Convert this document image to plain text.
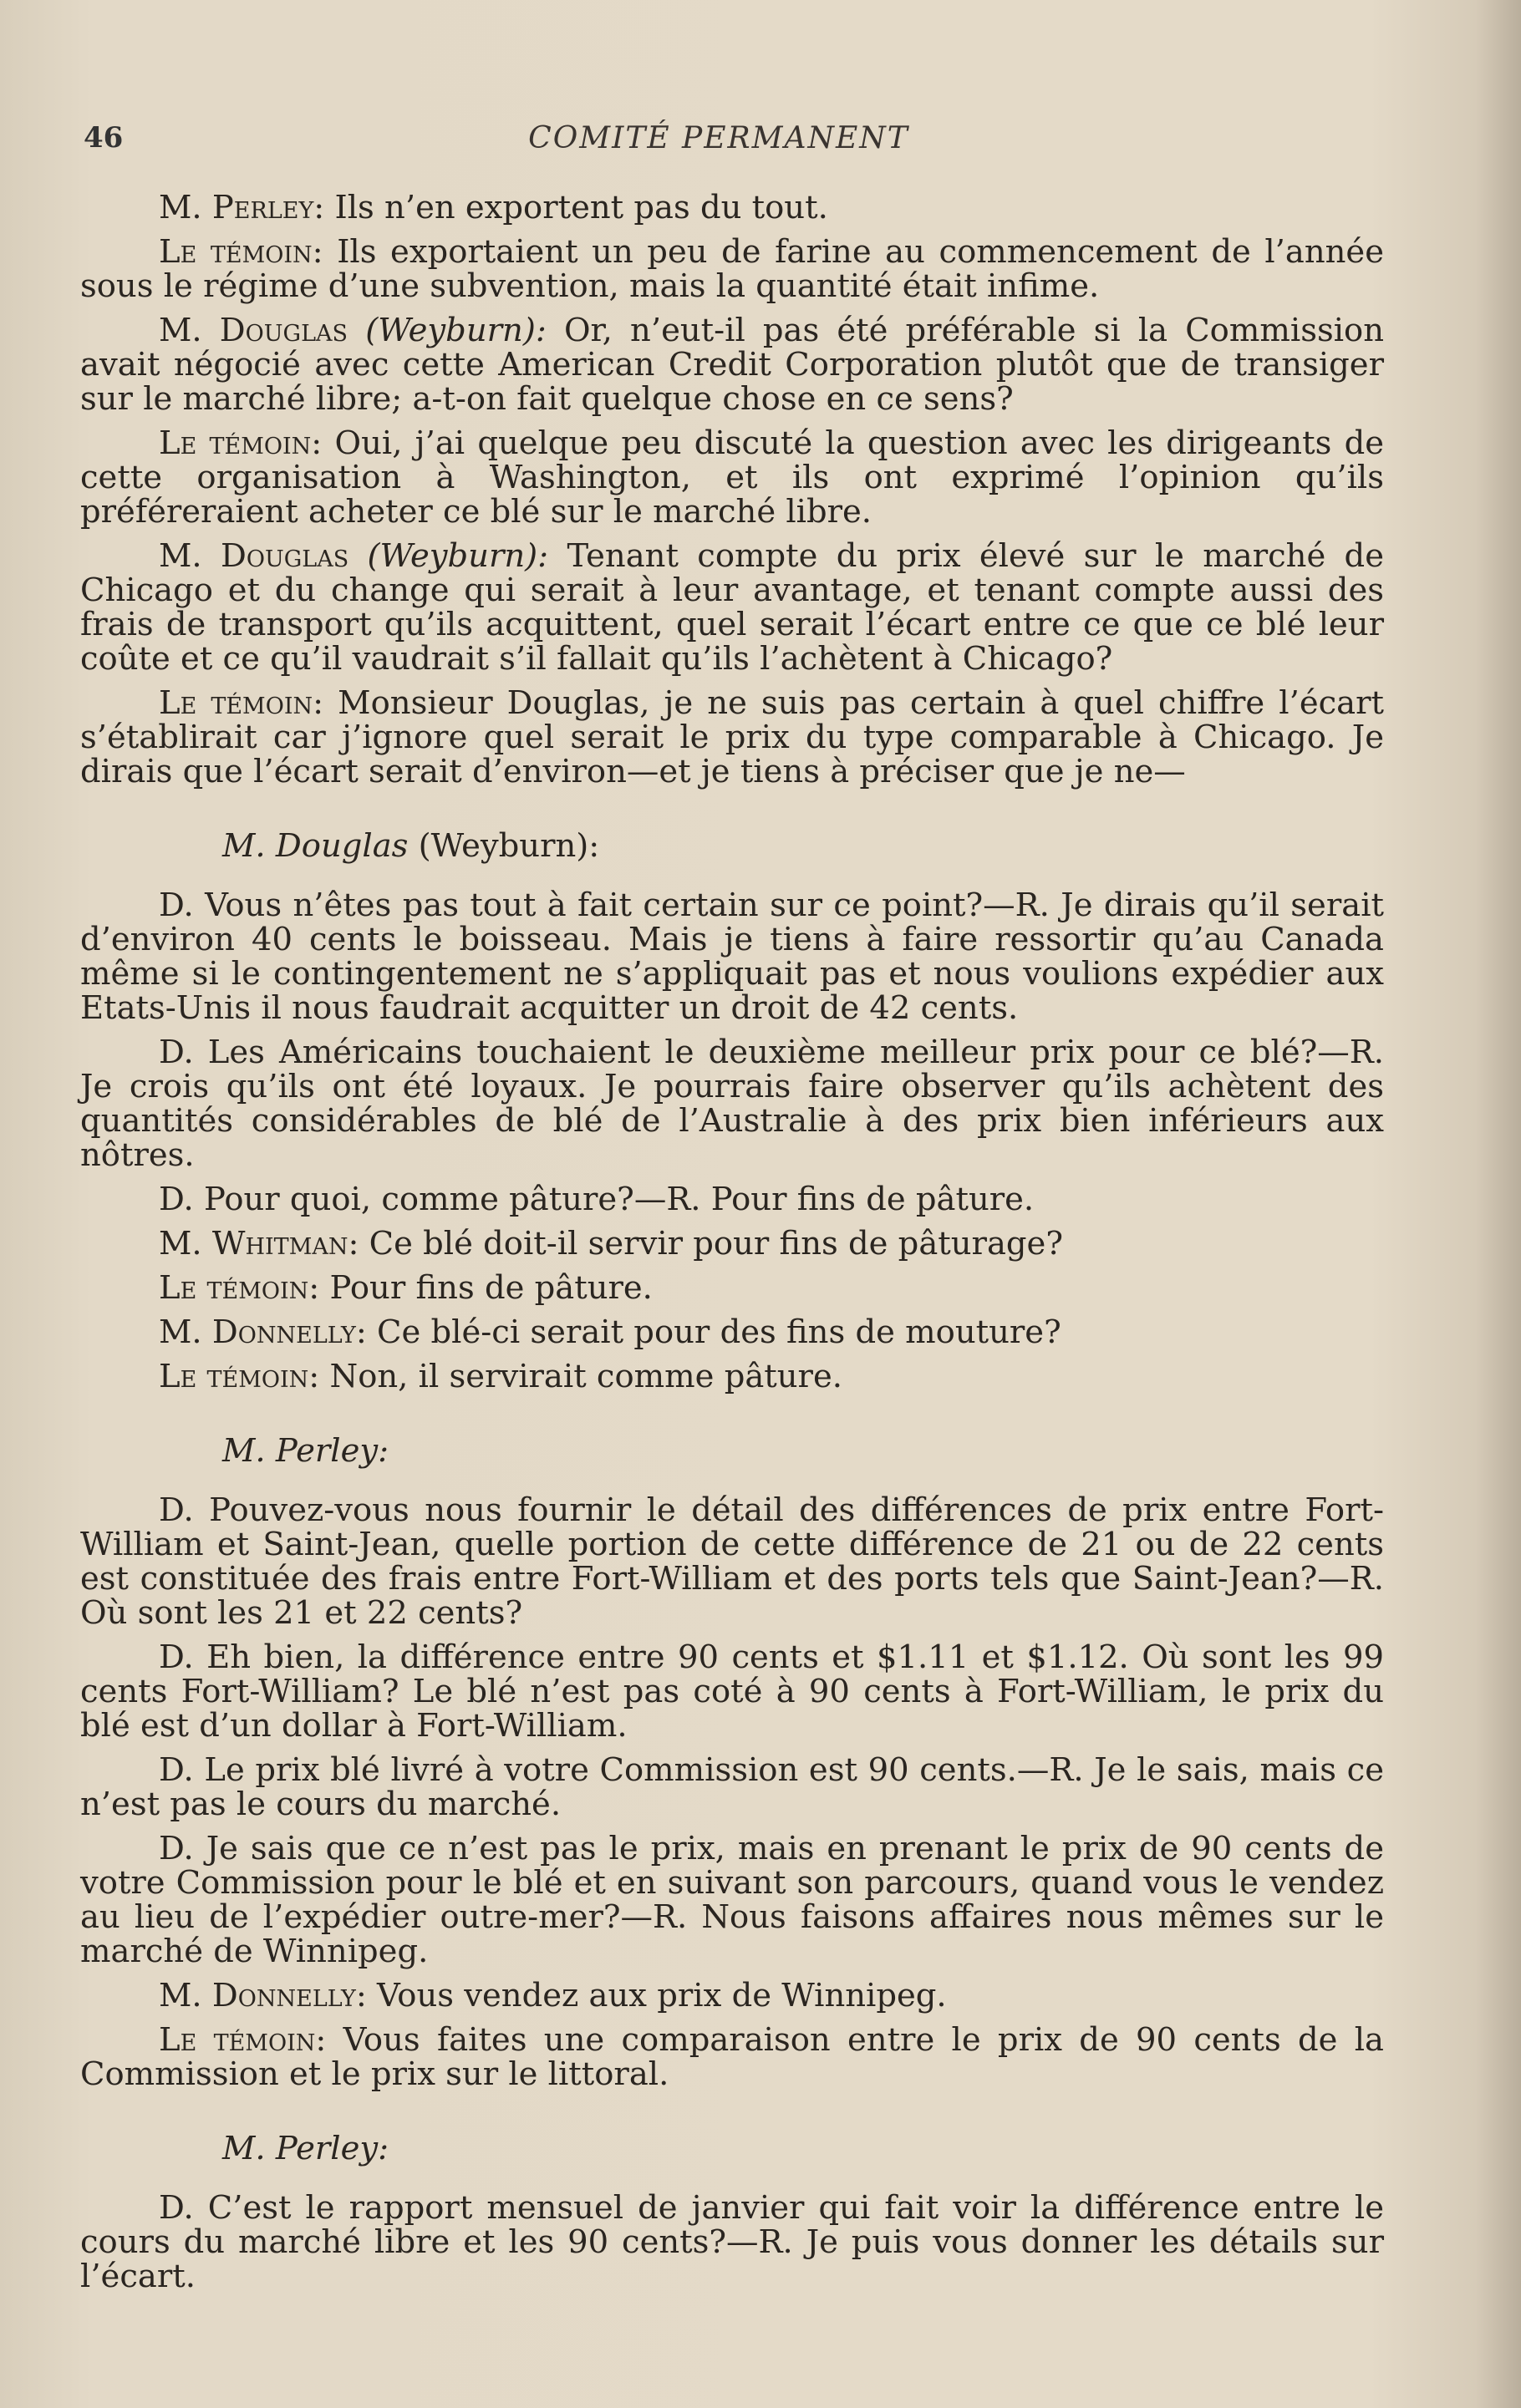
46	COMITÉ PERMANENT

M. Perley: Ils n’en exportent pas du tout.

Le témoin: Ils exportaient un peu de farine au commencement de l’année sous le régime d’une subvention, mais la quantité était infime.

M. Douglas (Weyburn): Or, n’eut-il pas été préférable si la Commission avait négocié avec cette American Credit Corporation plutôt que de transiger sur le marché libre; a-t-on fait quelque chose en ce sens?

Le témoin: Oui, j’ai quelque peu discuté la question avec les dirigeants de cette organisation à Washington, et ils ont exprimé l’opinion qu’ils préféreraient acheter ce blé sur le marché libre.

M. Douglas (Weyburn): Tenant compte du prix élevé sur le marché de Chicago et du change qui serait à leur avantage, et tenant compte aussi des frais de transport qu’ils acquittent, quel serait l’écart entre ce que ce blé leur coûte et ce qu’il vaudrait s’il fallait qu’ils l’achètent à Chicago?

Le témoin: Monsieur Douglas, je ne suis pas certain à quel chiffre l’écart s’établirait car j’ignore quel serait le prix du type comparable à Chicago. Je dirais que l’écart serait d’environ—et je tiens à préciser que je ne—

M. Douglas (Weyburn):

D. Vous n’êtes pas tout à fait certain sur ce point?—R. Je dirais qu’il serait d’environ 40 cents le boisseau. Mais je tiens à faire ressortir qu’au Canada même si le contingentement ne s’appliquait pas et nous voulions expédier aux Etats-Unis il nous faudrait acquitter un droit de 42 cents.

D. Les Américains touchaient le deuxième meilleur prix pour ce blé?—R. Je crois qu’ils ont été loyaux. Je pourrais faire observer qu’ils achètent des quantités considérables de blé de l’Australie à des prix bien inférieurs aux nôtres.

D. Pour quoi, comme pâture?—R. Pour fins de pâture.

M. Whitman: Ce blé doit-il servir pour fins de pâturage?

Le témoin: Pour fins de pâture.

M. Donnelly: Ce blé-ci serait pour des fins de mouture?

Le témoin: Non, il servirait comme pâture.

M. Perley:

D. Pouvez-vous nous fournir le détail des différences de prix entre Fort-William et Saint-Jean, quelle portion de cette différence de 21 ou de 22 cents est constituée des frais entre Fort-William et des ports tels que Saint-Jean?—R. Où sont les 21 et 22 cents?

D. Eh bien, la différence entre 90 cents et $1.11 et $1.12. Où sont les 99 cents Fort-William? Le blé n’est pas coté à 90 cents à Fort-William, le prix du blé est d’un dollar à Fort-William.

D. Le prix blé livré à votre Commission est 90 cents.—R. Je le sais, mais ce n’est pas le cours du marché.

D. Je sais que ce n’est pas le prix, mais en prenant le prix de 90 cents de votre Commission pour le blé et en suivant son parcours, quand vous le vendez au lieu de l’expédier outre-mer?—R. Nous faisons affaires nous mêmes sur le marché de Winnipeg.

M. Donnelly: Vous vendez aux prix de Winnipeg.

Le témoin: Vous faites une comparaison entre le prix de 90 cents de la Commission et le prix sur le littoral.

M. Perley:

D. C’est le rapport mensuel de janvier qui fait voir la différence entre le cours du marché libre et les 90 cents?—R. Je puis vous donner les détails sur l’écart.
